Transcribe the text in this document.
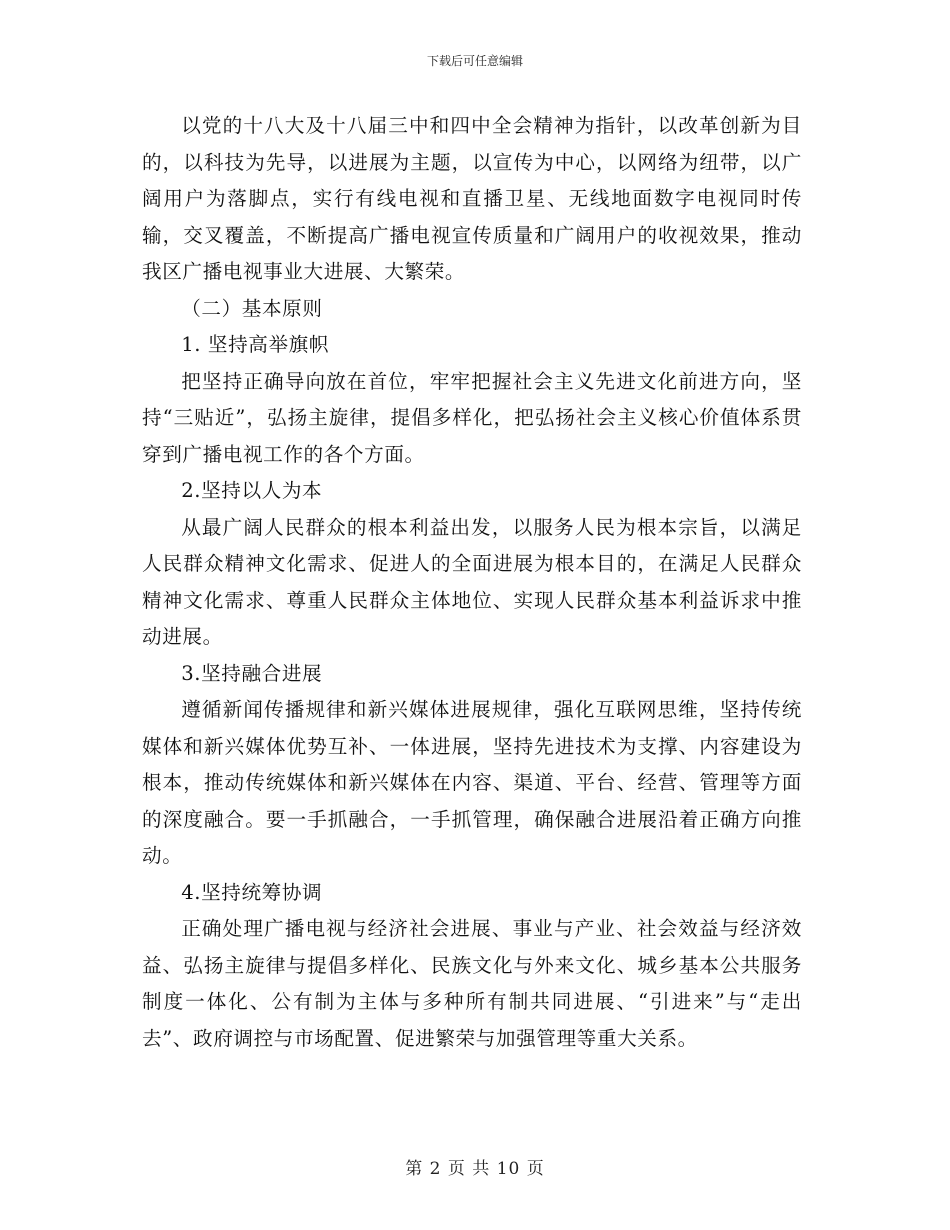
下载后可任意编辑

以党的十八大及十八届三中和四中全会精神为指针，以改革创新为目的，以科技为先导，以进展为主题，以宣传为中心，以网络为纽带，以广阔用户为落脚点，实行有线电视和直播卫星、无线地面数字电视同时传输，交叉覆盖，不断提高广播电视宣传质量和广阔用户的收视效果，推动我区广播电视事业大进展、大繁荣。

（二）基本原则

1. 坚持高举旗帜

把坚持正确导向放在首位，牢牢把握社会主义先进文化前进方向，坚持“三贴近”，弘扬主旋律，提倡多样化，把弘扬社会主义核心价值体系贯穿到广播电视工作的各个方面。

2.坚持以人为本

从最广阔人民群众的根本利益出发，以服务人民为根本宗旨，以满足人民群众精神文化需求、促进人的全面进展为根本目的，在满足人民群众精神文化需求、尊重人民群众主体地位、实现人民群众基本利益诉求中推动进展。

3.坚持融合进展

遵循新闻传播规律和新兴媒体进展规律，强化互联网思维，坚持传统媒体和新兴媒体优势互补、一体进展，坚持先进技术为支撑、内容建设为根本，推动传统媒体和新兴媒体在内容、渠道、平台、经营、管理等方面的深度融合。要一手抓融合，一手抓管理，确保融合进展沿着正确方向推动。

4.坚持统筹协调

正确处理广播电视与经济社会进展、事业与产业、社会效益与经济效益、弘扬主旋律与提倡多样化、民族文化与外来文化、城乡基本公共服务制度一体化、公有制为主体与多种所有制共同进展、“引进来”与“走出去”、政府调控与市场配置、促进繁荣与加强管理等重大关系。

第 2 页 共 10 页
